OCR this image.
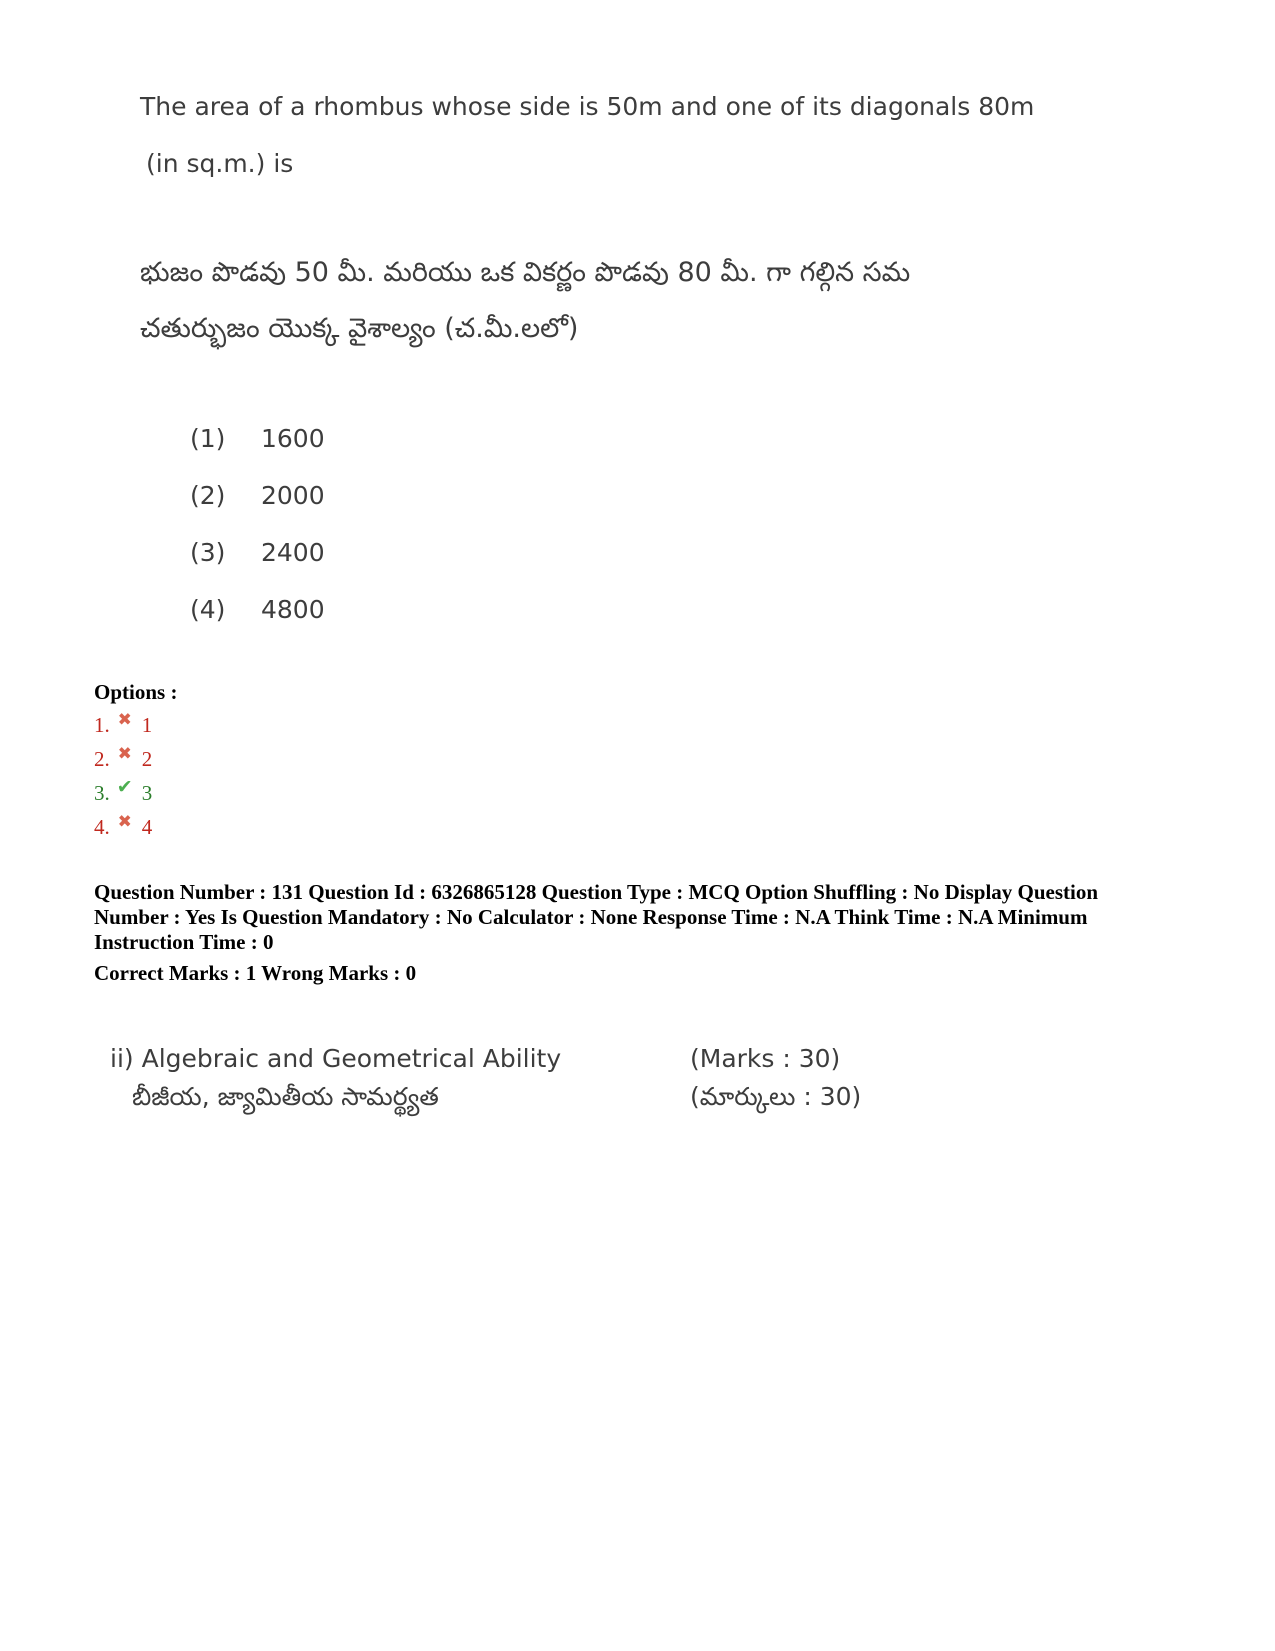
The area of a rhombus whose side is 50m and one of its diagonals 80m
(in sq.m.) is
భుజం పొడవు 50 మీ. మరియు ఒక వికర్ణం పొడవు 80 మీ. గా గల్గిన సమ
చతుర్భుజం యొక్క వైశాల్యం (చ.మీ.లలో)
(1)	1600
(2)	2000
(3)	2400
(4)	4800
Options :
1. ✖ 1
2. ✖ 2
3. ✔ 3
4. ✖ 4
Question Number : 131 Question Id : 6326865128 Question Type : MCQ Option Shuffling : No Display Question
Number : Yes Is Question Mandatory : No Calculator : None Response Time : N.A Think Time : N.A Minimum
Instruction Time : 0
Correct Marks : 1 Wrong Marks : 0
ii) Algebraic and Geometrical Ability	(Marks : 30)
బీజీయ, జ్యామితీయ సామర్థ్యత	(మార్కులు : 30)
